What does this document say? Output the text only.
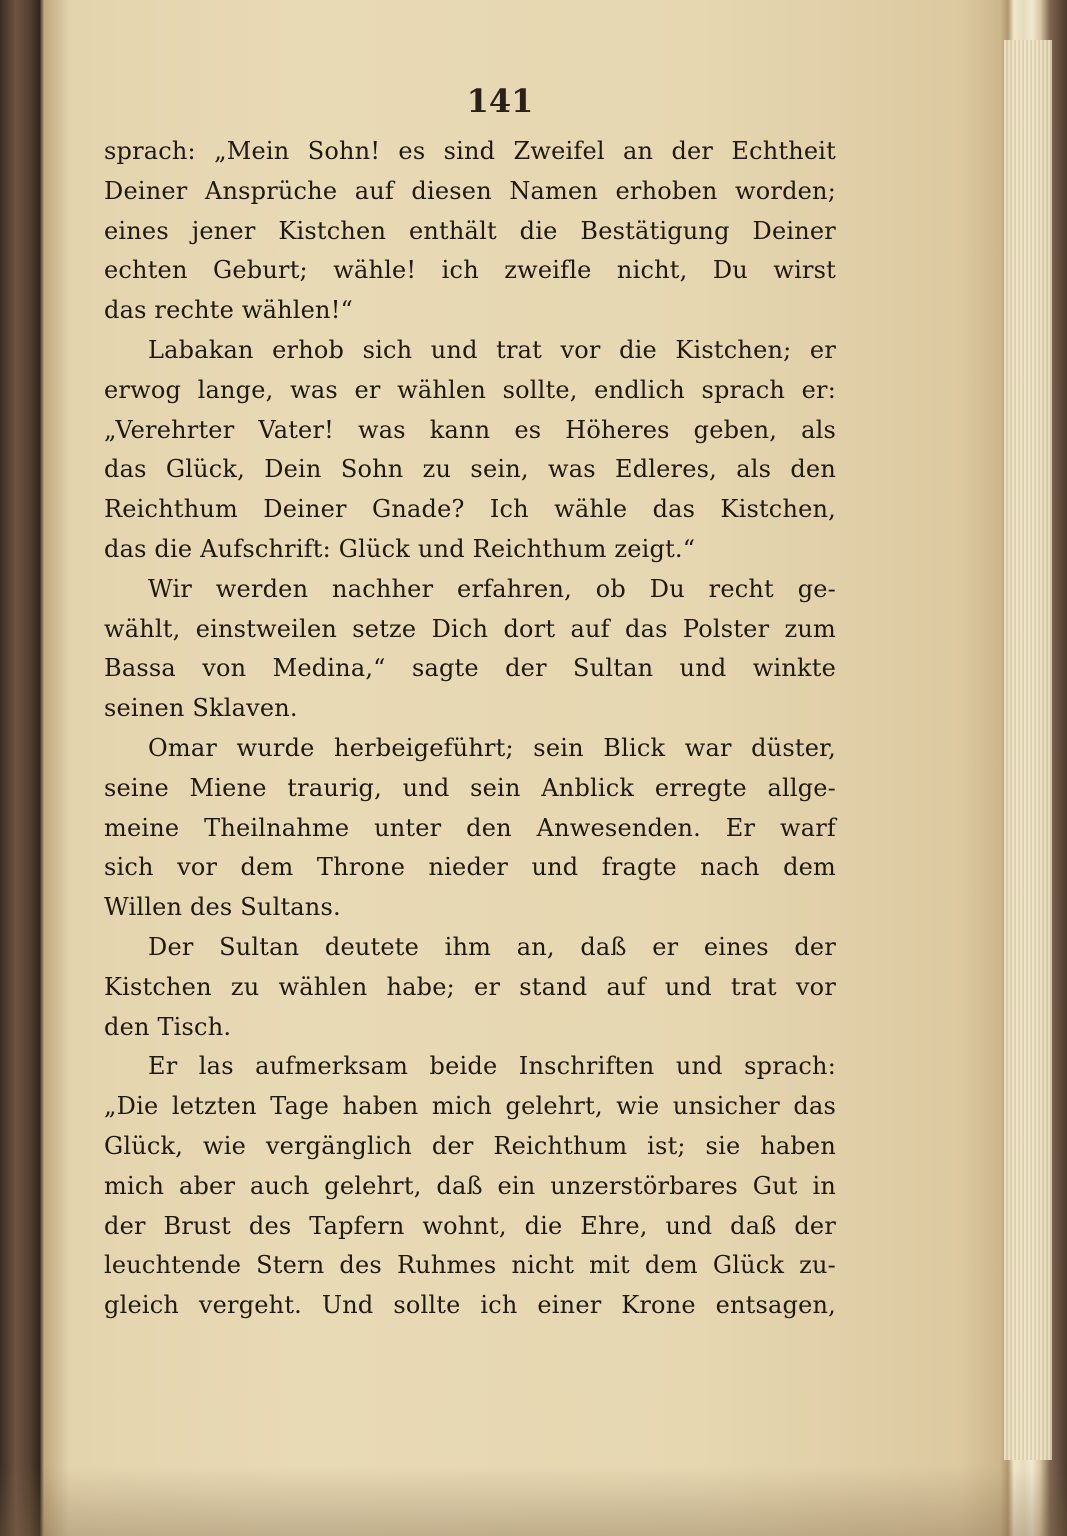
141
sprach: „Mein Sohn! es sind Zweifel an der Echtheit
Deiner Ansprüche auf diesen Namen erhoben worden;
eines jener Kistchen enthält die Bestätigung Deiner
echten Geburt; wähle! ich zweifle nicht, Du wirst
das rechte wählen!“
Labakan erhob sich und trat vor die Kistchen; er
erwog lange, was er wählen sollte, endlich sprach er:
„Verehrter Vater! was kann es Höheres geben, als
das Glück, Dein Sohn zu sein, was Edleres, als den
Reichthum Deiner Gnade? Ich wähle das Kistchen,
das die Aufschrift: Glück und Reichthum zeigt.“
Wir werden nachher erfahren, ob Du recht ge-
wählt, einstweilen setze Dich dort auf das Polster zum
Bassa von Medina,“ sagte der Sultan und winkte
seinen Sklaven.
Omar wurde herbeigeführt; sein Blick war düster,
seine Miene traurig, und sein Anblick erregte allge-
meine Theilnahme unter den Anwesenden. Er warf
sich vor dem Throne nieder und fragte nach dem
Willen des Sultans.
Der Sultan deutete ihm an, daß er eines der
Kistchen zu wählen habe; er stand auf und trat vor
den Tisch.
Er las aufmerksam beide Inschriften und sprach:
„Die letzten Tage haben mich gelehrt, wie unsicher das
Glück, wie vergänglich der Reichthum ist; sie haben
mich aber auch gelehrt, daß ein unzerstörbares Gut in
der Brust des Tapfern wohnt, die Ehre, und daß der
leuchtende Stern des Ruhmes nicht mit dem Glück zu-
gleich vergeht. Und sollte ich einer Krone entsagen,
